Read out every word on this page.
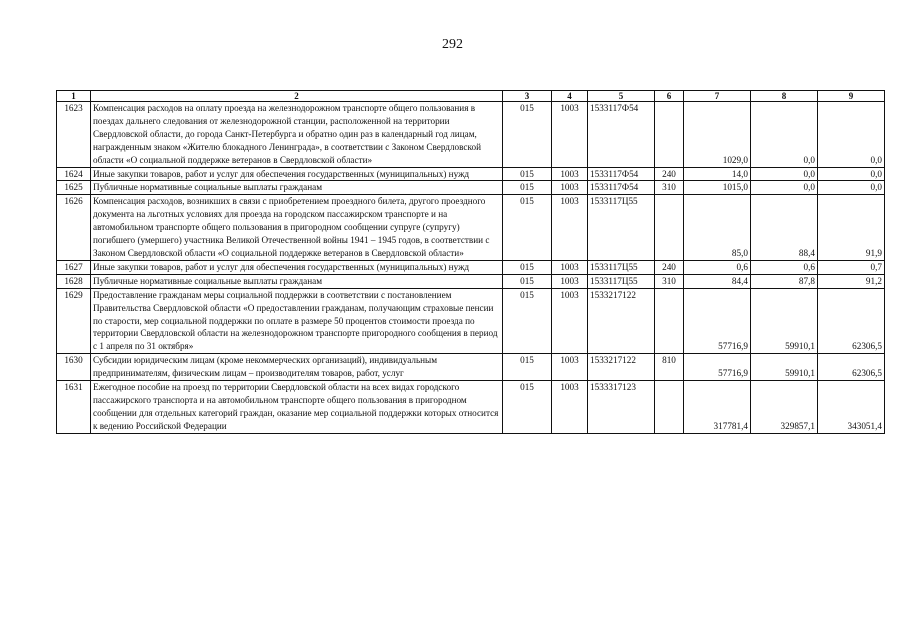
292
1	2	3	4	5	6	7	8	9
1623	Компенсация расходов на оплату проезда на железнодорожном транспорте общего пользования в поездах дальнего следования от железнодорожной станции, расположенной на территории Свердловской области, до города Санкт-Петербурга и обратно один раз в календарный год лицам, награжденным знаком «Жителю блокадного Ленинграда», в соответствии с Законом Свердловской области «О социальной поддержке ветеранов в Свердловской области»	015	1003	1533117Ф54		1029,0	0,0	0,0
1624	Иные закупки товаров, работ и услуг для обеспечения государственных (муниципальных) нужд	015	1003	1533117Ф54	240	14,0	0,0	0,0
1625	Публичные нормативные социальные выплаты гражданам	015	1003	1533117Ф54	310	1015,0	0,0	0,0
1626	Компенсация расходов, возникших в связи с приобретением проездного билета, другого проездного документа на льготных условиях для проезда на городском пассажирском транспорте и на автомобильном транспорте общего пользования в пригородном сообщении супруге (супругу) погибшего (умершего) участника Великой Отечественной войны 1941 – 1945 годов, в соответствии с Законом Свердловской области «О социальной поддержке ветеранов в Свердловской области»	015	1003	1533117Ц55		85,0	88,4	91,9
1627	Иные закупки товаров, работ и услуг для обеспечения государственных (муниципальных) нужд	015	1003	1533117Ц55	240	0,6	0,6	0,7
1628	Публичные нормативные социальные выплаты гражданам	015	1003	1533117Ц55	310	84,4	87,8	91,2
1629	Предоставление гражданам меры социальной поддержки в соответствии с постановлением Правительства Свердловской области «О предоставлении гражданам, получающим страховые пенсии по старости, мер социальной поддержки по оплате в размере 50 процентов стоимости проезда по территории Свердловской области на железнодорожном транспорте пригородного сообщения в период с 1 апреля по 31 октября»	015	1003	1533217122		57716,9	59910,1	62306,5
1630	Субсидии юридическим лицам (кроме некоммерческих организаций), индивидуальным предпринимателям, физическим лицам – производителям товаров, работ, услуг	015	1003	1533217122	810	57716,9	59910,1	62306,5
1631	Ежегодное пособие на проезд по территории Свердловской области на всех видах городского пассажирского транспорта и на автомобильном транспорте общего пользования в пригородном сообщении для отдельных категорий граждан, оказание мер социальной поддержки которых относится к ведению Российской Федерации	015	1003	1533317123		317781,4	329857,1	343051,4
